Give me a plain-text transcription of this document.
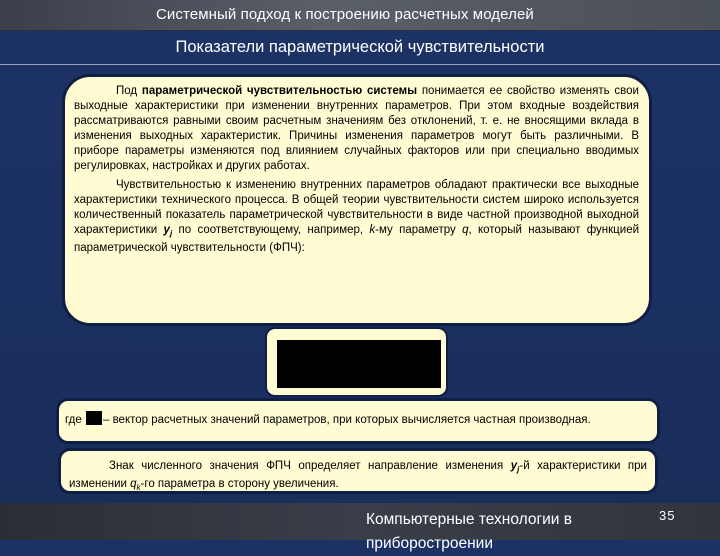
Системный подход к построению расчетных моделей
Показатели параметрической чувствительности

Под параметрической чувствительностью системы понимается ее свойство изменять свои выходные характеристики при изменении внутренних параметров. При этом входные воздействия рассматриваются равными своим расчетным значениям без отклонений, т. е. не вносящими вклада в изменения выходных характеристик. Причины изменения параметров могут быть различными. В приборе параметры изменяются под влиянием случайных факторов или при специально вводимых регулировках, настройках и других работах.

Чувствительностью к изменению внутренних параметров обладают практически все выходные характеристики технического процесса. В общей теории чувствительности систем широко используется количественный показатель параметрической чувствительности в виде частной производной выходной характеристики $y_j$ по соответствующему, например, k-му параметру q, который называют функцией параметрической чувствительности (ФПЧ):

где – вектор расчетных значений параметров, при которых вычисляется частная производная.

Знак численного значения ФПЧ определяет направление изменения $y_j-й$ характеристики при изменении $q_k-го$ параметра в сторону увеличения.

Компьютерные технологии в приборостроении
35
